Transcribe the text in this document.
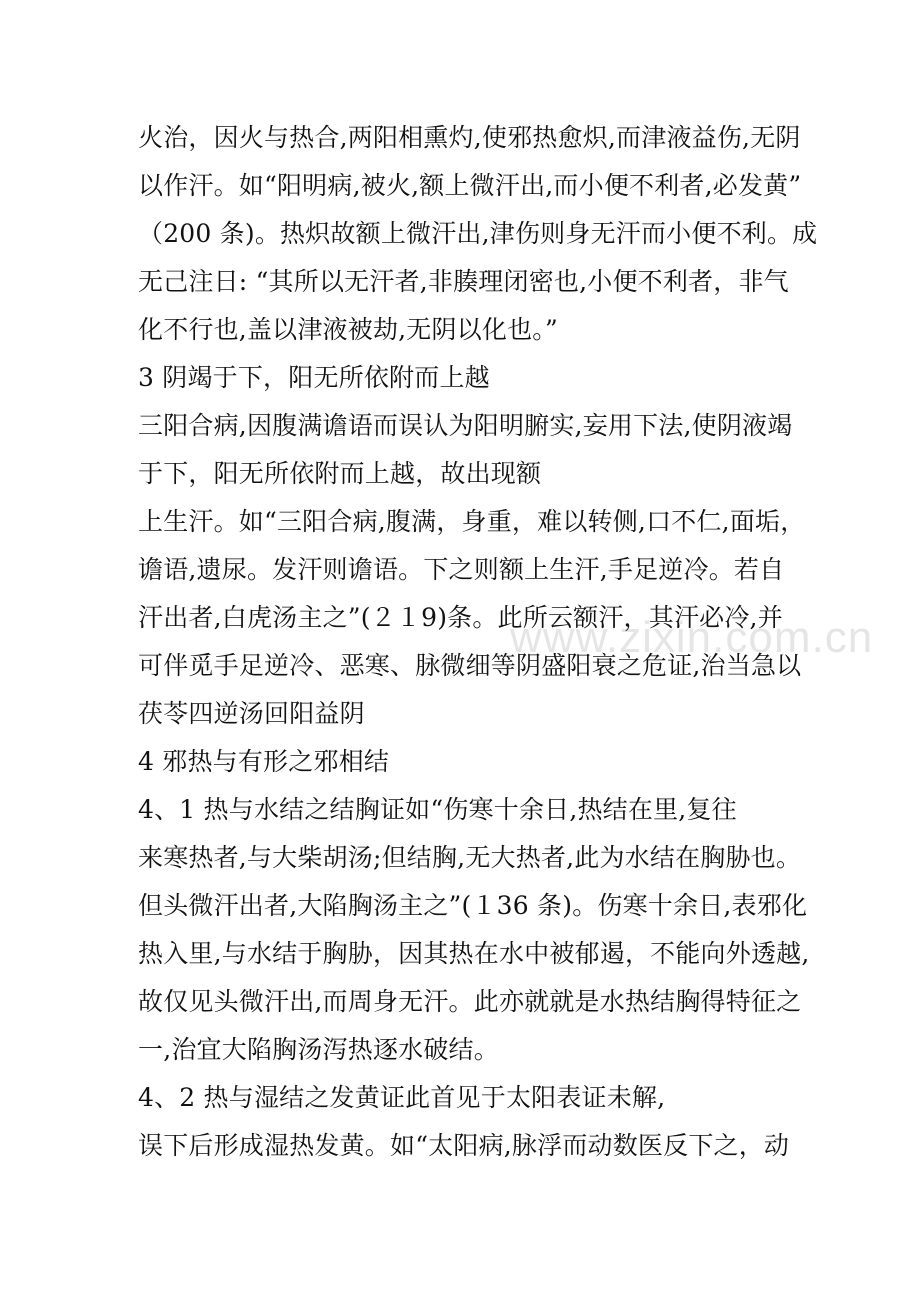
火治，因火与热合,两阳相熏灼,使邪热愈炽,而津液益伤,无阴
以作汗。如“阳明病,被火,额上微汗出,而小便不利者,必发黄”
（200 条)。热炽故额上微汗出,津伤则身无汗而小便不利。成
无己注日: “其所以无汗者,非腠理闭密也,小便不利者，非气
化不行也,盖以津液被劫,无阴以化也。”
3 阴竭于下，阳无所依附而上越
三阳合病,因腹满谵语而误认为阳明腑实,妄用下法,使阴液竭
于下，阳无所依附而上越，故出现额
上生汗。如“三阳合病,腹满，身重，难以转侧,口不仁,面垢，
谵语,遗尿。发汗则谵语。下之则额上生汗,手足逆冷。若自
汗出者,白虎汤主之”(２１9)条。此所云额汗，其汗必冷,并
可伴觅手足逆冷、恶寒、脉微细等阴盛阳衰之危证,治当急以
茯苓四逆汤回阳益阴
4 邪热与有形之邪相结
4、1 热与水结之结胸证如“伤寒十余日,热结在里,复往
来寒热者,与大柴胡汤;但结胸,无大热者,此为水结在胸胁也。
但头微汗出者,大陷胸汤主之”(１36 条)。伤寒十余日,表邪化
热入里,与水结于胸胁，因其热在水中被郁遏，不能向外透越,
故仅见头微汗出,而周身无汗。此亦就就是水热结胸得特征之
一,治宜大陷胸汤泻热逐水破结。
4、2 热与湿结之发黄证此首见于太阳表证未解,
误下后形成湿热发黄。如“太阳病,脉浮而动数医反下之，动
www.zixin.com.cn
